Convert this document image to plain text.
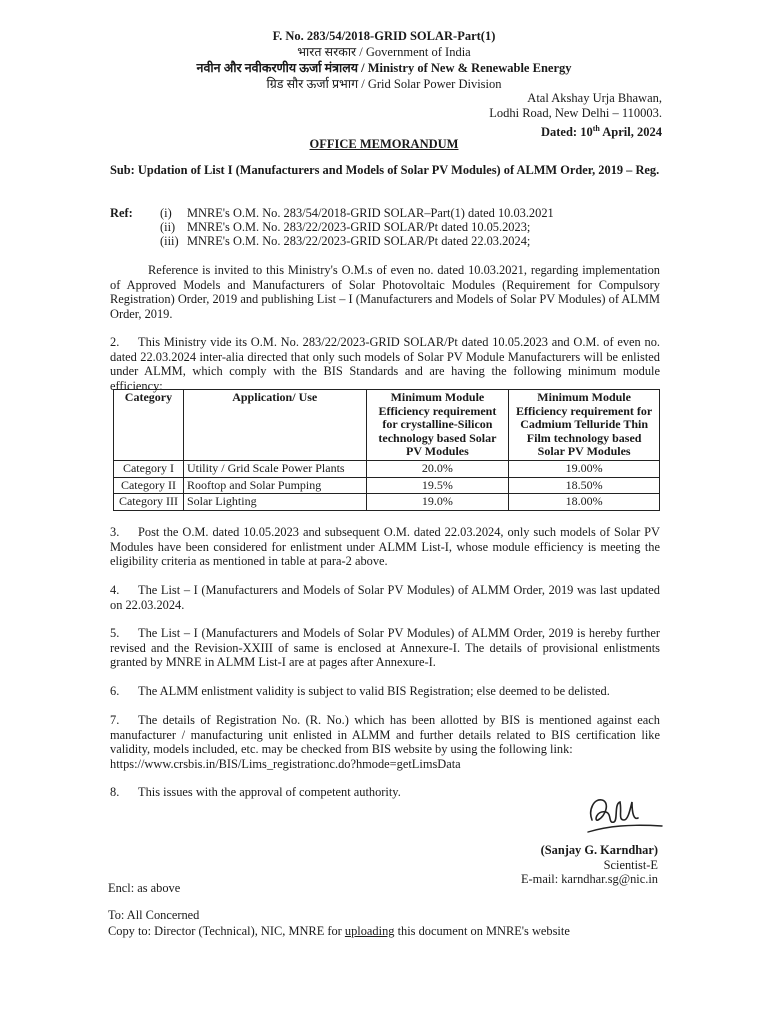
F. No. 283/54/2018-GRID SOLAR-Part(1)

भारत सरकार / Government of India

नवीन और नवीकरणीय ऊर्जा मंत्रालय / Ministry of New & Renewable Energy

ग्रिड सौर ऊर्जा प्रभाग / Grid Solar Power Division

Atal Akshay Urja Bhawan,

Lodhi Road, New Delhi – 110003.

Dated: 10th April, 2024

OFFICE MEMORANDUM

Sub: Updation of List I (Manufacturers and Models of Solar PV Modules) of ALMM Order, 2019 – Reg.

Ref: (i) MNRE's O.M. No. 283/54/2018-GRID SOLAR–Part(1) dated 10.03.2021

(ii) MNRE's O.M. No. 283/22/2023-GRID SOLAR/Pt dated 10.05.2023;

(iii) MNRE's O.M. No. 283/22/2023-GRID SOLAR/Pt dated 22.03.2024;

Reference is invited to this Ministry's O.M.s of even no. dated 10.03.2021, regarding implementation of Approved Models and Manufacturers of Solar Photovoltaic Modules (Requirement for Compulsory Registration) Order, 2019 and publishing List – I (Manufacturers and Models of Solar PV Modules) of ALMM Order, 2019.

2. This Ministry vide its O.M. No. 283/22/2023-GRID SOLAR/Pt dated 10.05.2023 and O.M. of even no. dated 22.03.2024 inter-alia directed that only such models of Solar PV Module Manufacturers will be enlisted under ALMM, which comply with the BIS Standards and are having the following minimum module efficiency:

Category	Application/ Use	Minimum Module Efficiency requirement for crystalline-Silicon technology based Solar PV Modules	Minimum Module Efficiency requirement for Cadmium Telluride Thin Film technology based Solar PV Modules
Category I	Utility / Grid Scale Power Plants	20.0%	19.00%
Category II	Rooftop and Solar Pumping	19.5%	18.50%
Category III	Solar Lighting	19.0%	18.00%

3. Post the O.M. dated 10.05.2023 and subsequent O.M. dated 22.03.2024, only such models of Solar PV Modules have been considered for enlistment under ALMM List-I, whose module efficiency is meeting the eligibility criteria as mentioned in table at para-2 above.

4. The List – I (Manufacturers and Models of Solar PV Modules) of ALMM Order, 2019 was last updated on 22.03.2024.

5. The List – I (Manufacturers and Models of Solar PV Modules) of ALMM Order, 2019 is hereby further revised and the Revision-XXIII of same is enclosed at Annexure-I. The details of provisional enlistments granted by MNRE in ALMM List-I are at pages after Annexure-I.

6. The ALMM enlistment validity is subject to valid BIS Registration; else deemed to be delisted.

7. The details of Registration No. (R. No.) which has been allotted by BIS is mentioned against each manufacturer / manufacturing unit enlisted in ALMM and further details related to BIS certification like validity, models included, etc. may be checked from BIS website by using the following link:
https://www.crsbis.in/BIS/Lims_registrationc.do?hmode=getLimsData

8. This issues with the approval of competent authority.

(Sanjay G. Karndhar)

Scientist-E

E-mail: karndhar.sg@nic.in

Encl: as above

To: All Concerned

Copy to: Director (Technical), NIC, MNRE for uploading this document on MNRE's website
